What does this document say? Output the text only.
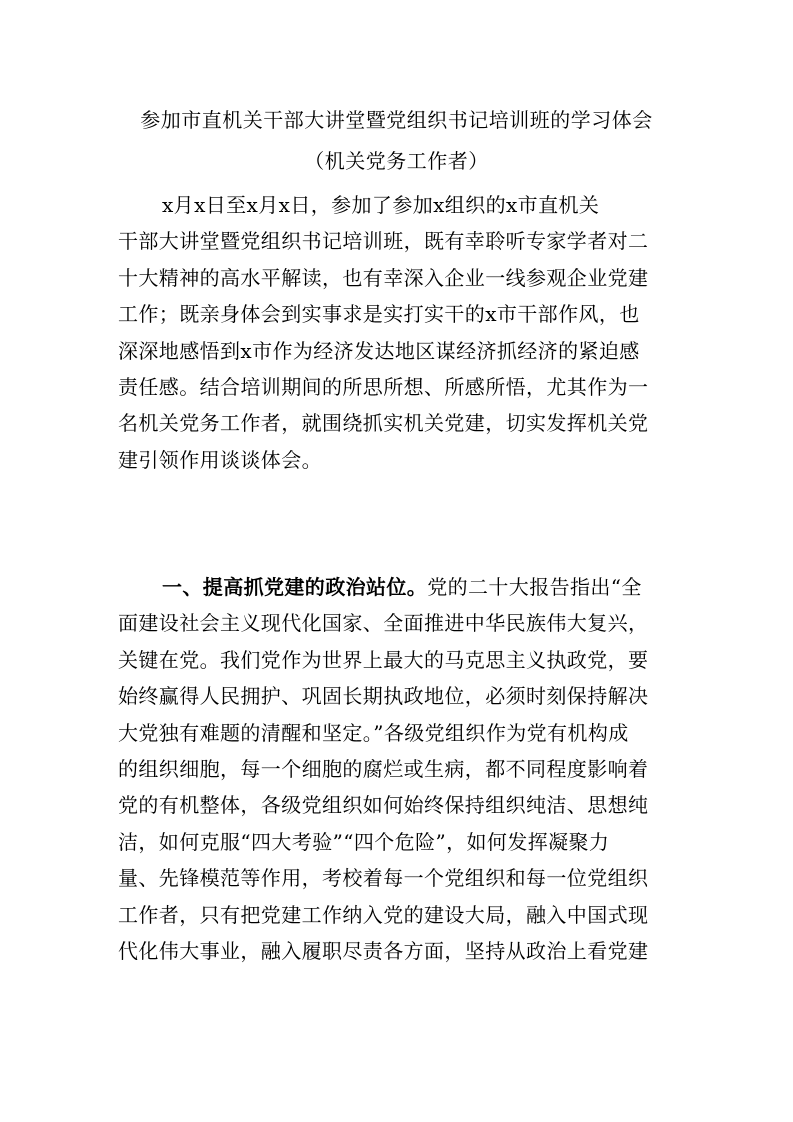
参加市直机关干部大讲堂暨党组织书记培训班的学习体会
（机关党务工作者）
x月x日至x月x日，参加了参加x组织的x市直机关
干部大讲堂暨党组织书记培训班，既有幸聆听专家学者对二
十大精神的高水平解读，也有幸深入企业一线参观企业党建
工作；既亲身体会到实事求是实打实干的x市干部作风，也
深深地感悟到x市作为经济发达地区谋经济抓经济的紧迫感
责任感。结合培训期间的所思所想、所感所悟，尤其作为一
名机关党务工作者，就围绕抓实机关党建，切实发挥机关党
建引领作用谈谈体会。
一、提高抓党建的政治站位。党的二十大报告指出“全
面建设社会主义现代化国家、全面推进中华民族伟大复兴，
关键在党。我们党作为世界上最大的马克思主义执政党，要
始终赢得人民拥护、巩固长期执政地位，必须时刻保持解决
大党独有难题的清醒和坚定。”各级党组织作为党有机构成
的组织细胞，每一个细胞的腐烂或生病，都不同程度影响着
党的有机整体，各级党组织如何始终保持组织纯洁、思想纯
洁，如何克服“四大考验”“四个危险”，如何发挥凝聚力
量、先锋模范等作用，考校着每一个党组织和每一位党组织
工作者，只有把党建工作纳入党的建设大局，融入中国式现
代化伟大事业，融入履职尽责各方面，坚持从政治上看党建
